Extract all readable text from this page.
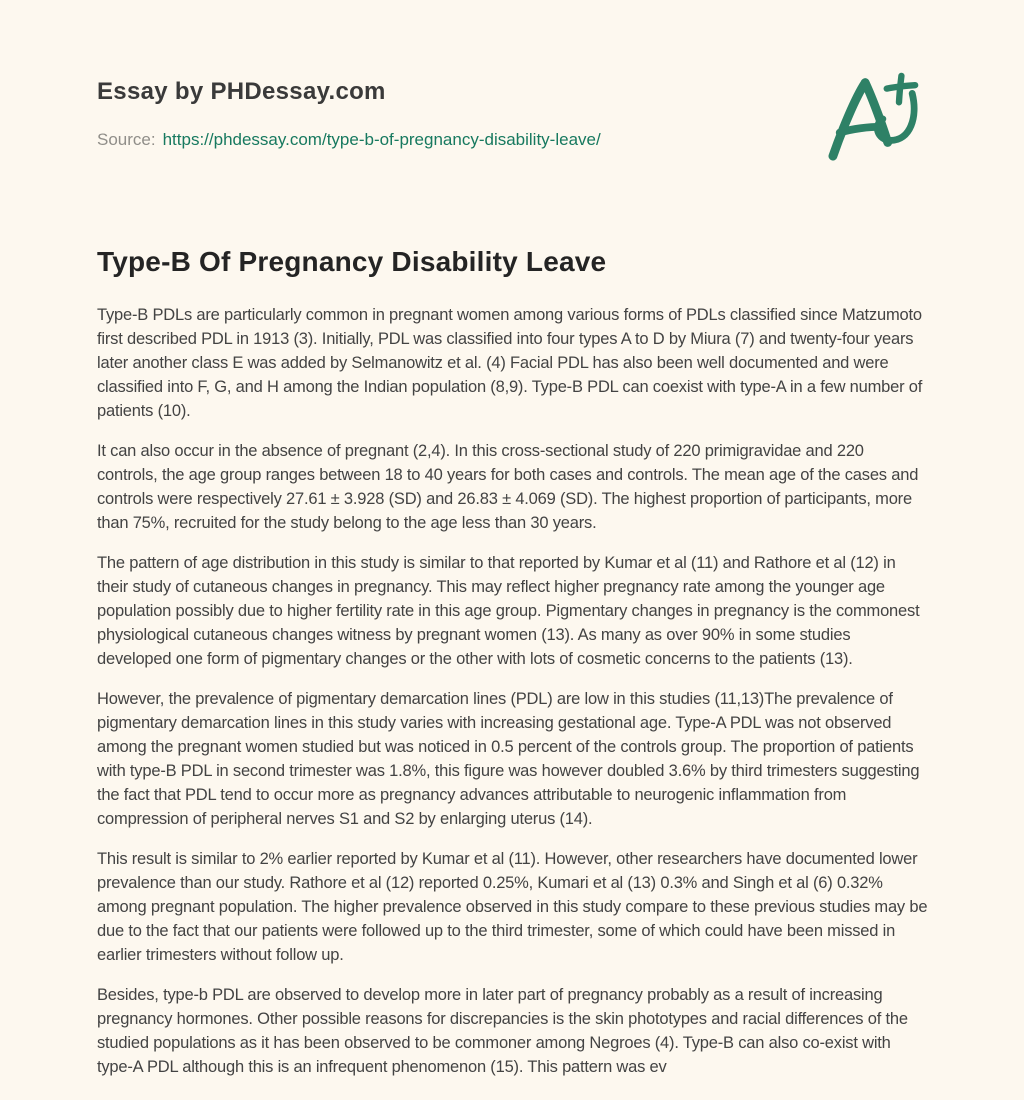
Essay by PHDessay.com
Source: https://phdessay.com/type-b-of-pregnancy-disability-leave/
Type-B Of Pregnancy Disability Leave

Type-B PDLs are particularly common in pregnant women among various forms of PDLs classified since Matzumoto first described PDL in 1913 (3). Initially, PDL was classified into four types A to D by Miura (7) and twenty-four years later another class E was added by Selmanowitz et al. (4) Facial PDL has also been well documented and were classified into F, G, and H among the Indian population (8,9). Type-B PDL can coexist with type-A in a few number of patients (10).

It can also occur in the absence of pregnant (2,4). In this cross-sectional study of 220 primigravidae and 220 controls, the age group ranges between 18 to 40 years for both cases and controls. The mean age of the cases and controls were respectively 27.61 ± 3.928 (SD) and 26.83 ± 4.069 (SD). The highest proportion of participants, more than 75%, recruited for the study belong to the age less than 30 years.

The pattern of age distribution in this study is similar to that reported by Kumar et al (11) and Rathore et al (12) in their study of cutaneous changes in pregnancy. This may reflect higher pregnancy rate among the younger age population possibly due to higher fertility rate in this age group. Pigmentary changes in pregnancy is the commonest physiological cutaneous changes witness by pregnant women (13). As many as over 90% in some studies developed one form of pigmentary changes or the other with lots of cosmetic concerns to the patients (13).

However, the prevalence of pigmentary demarcation lines (PDL) are low in this studies (11,13)The prevalence of pigmentary demarcation lines in this study varies with increasing gestational age. Type-A PDL was not observed among the pregnant women studied but was noticed in 0.5 percent of the controls group. The proportion of patients with type-B PDL in second trimester was 1.8%, this figure was however doubled 3.6% by third trimesters suggesting the fact that PDL tend to occur more as pregnancy advances attributable to neurogenic inflammation from compression of peripheral nerves S1 and S2 by enlarging uterus (14).

This result is similar to 2% earlier reported by Kumar et al (11). However, other researchers have documented lower prevalence than our study. Rathore et al (12) reported 0.25%, Kumari et al (13) 0.3% and Singh et al (6) 0.32% among pregnant population. The higher prevalence observed in this study compare to these previous studies may be due to the fact that our patients were followed up to the third trimester, some of which could have been missed in earlier trimesters without follow up.

Besides, type-b PDL are observed to develop more in later part of pregnancy probably as a result of increasing pregnancy hormones. Other possible reasons for discrepancies is the skin phototypes and racial differences of the studied populations as it has been observed to be commoner among Negroes (4). Type-B can also co-exist with type-A PDL although this is an infrequent phenomenon (15). This pattern was ev
